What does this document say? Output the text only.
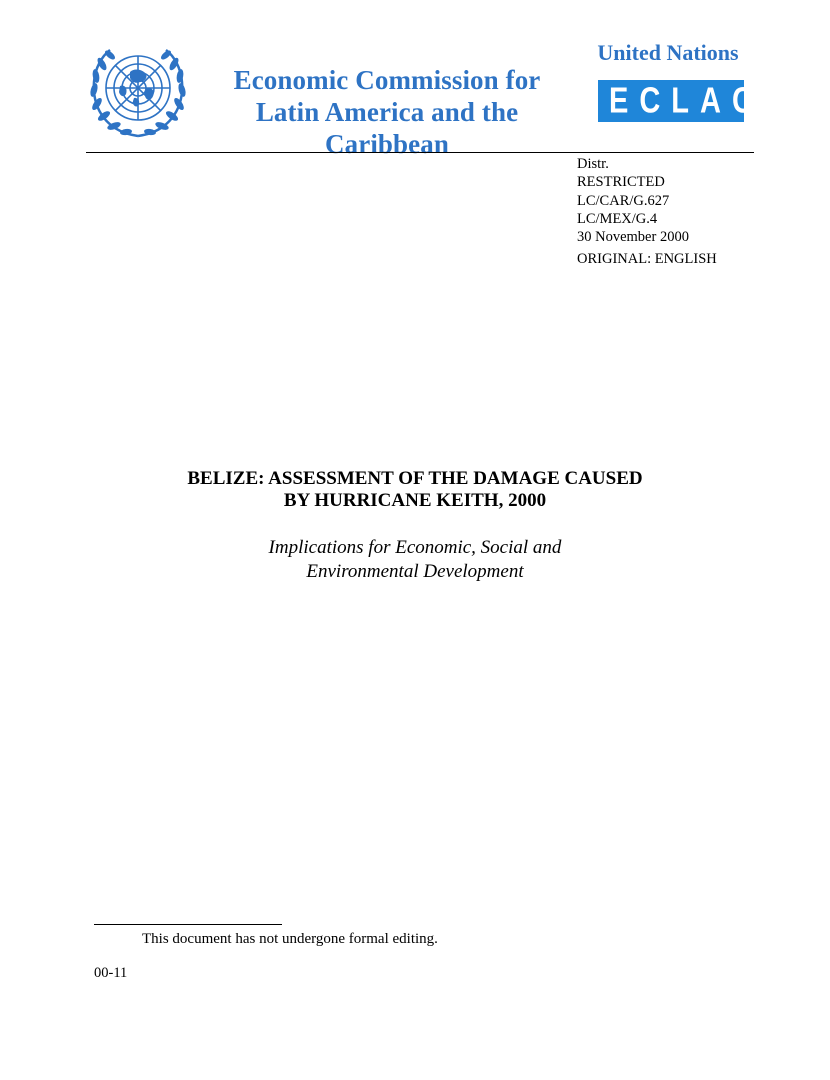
Economic Commission for
Latin America and the Caribbean
United Nations
ECLAC
Distr.
RESTRICTED
LC/CAR/G.627
LC/MEX/G.4
30 November 2000
ORIGINAL: ENGLISH
BELIZE: ASSESSMENT OF THE DAMAGE CAUSED
BY HURRICANE KEITH, 2000
Implications for Economic, Social and
Environmental Development
This document has not undergone formal editing.
00-11
